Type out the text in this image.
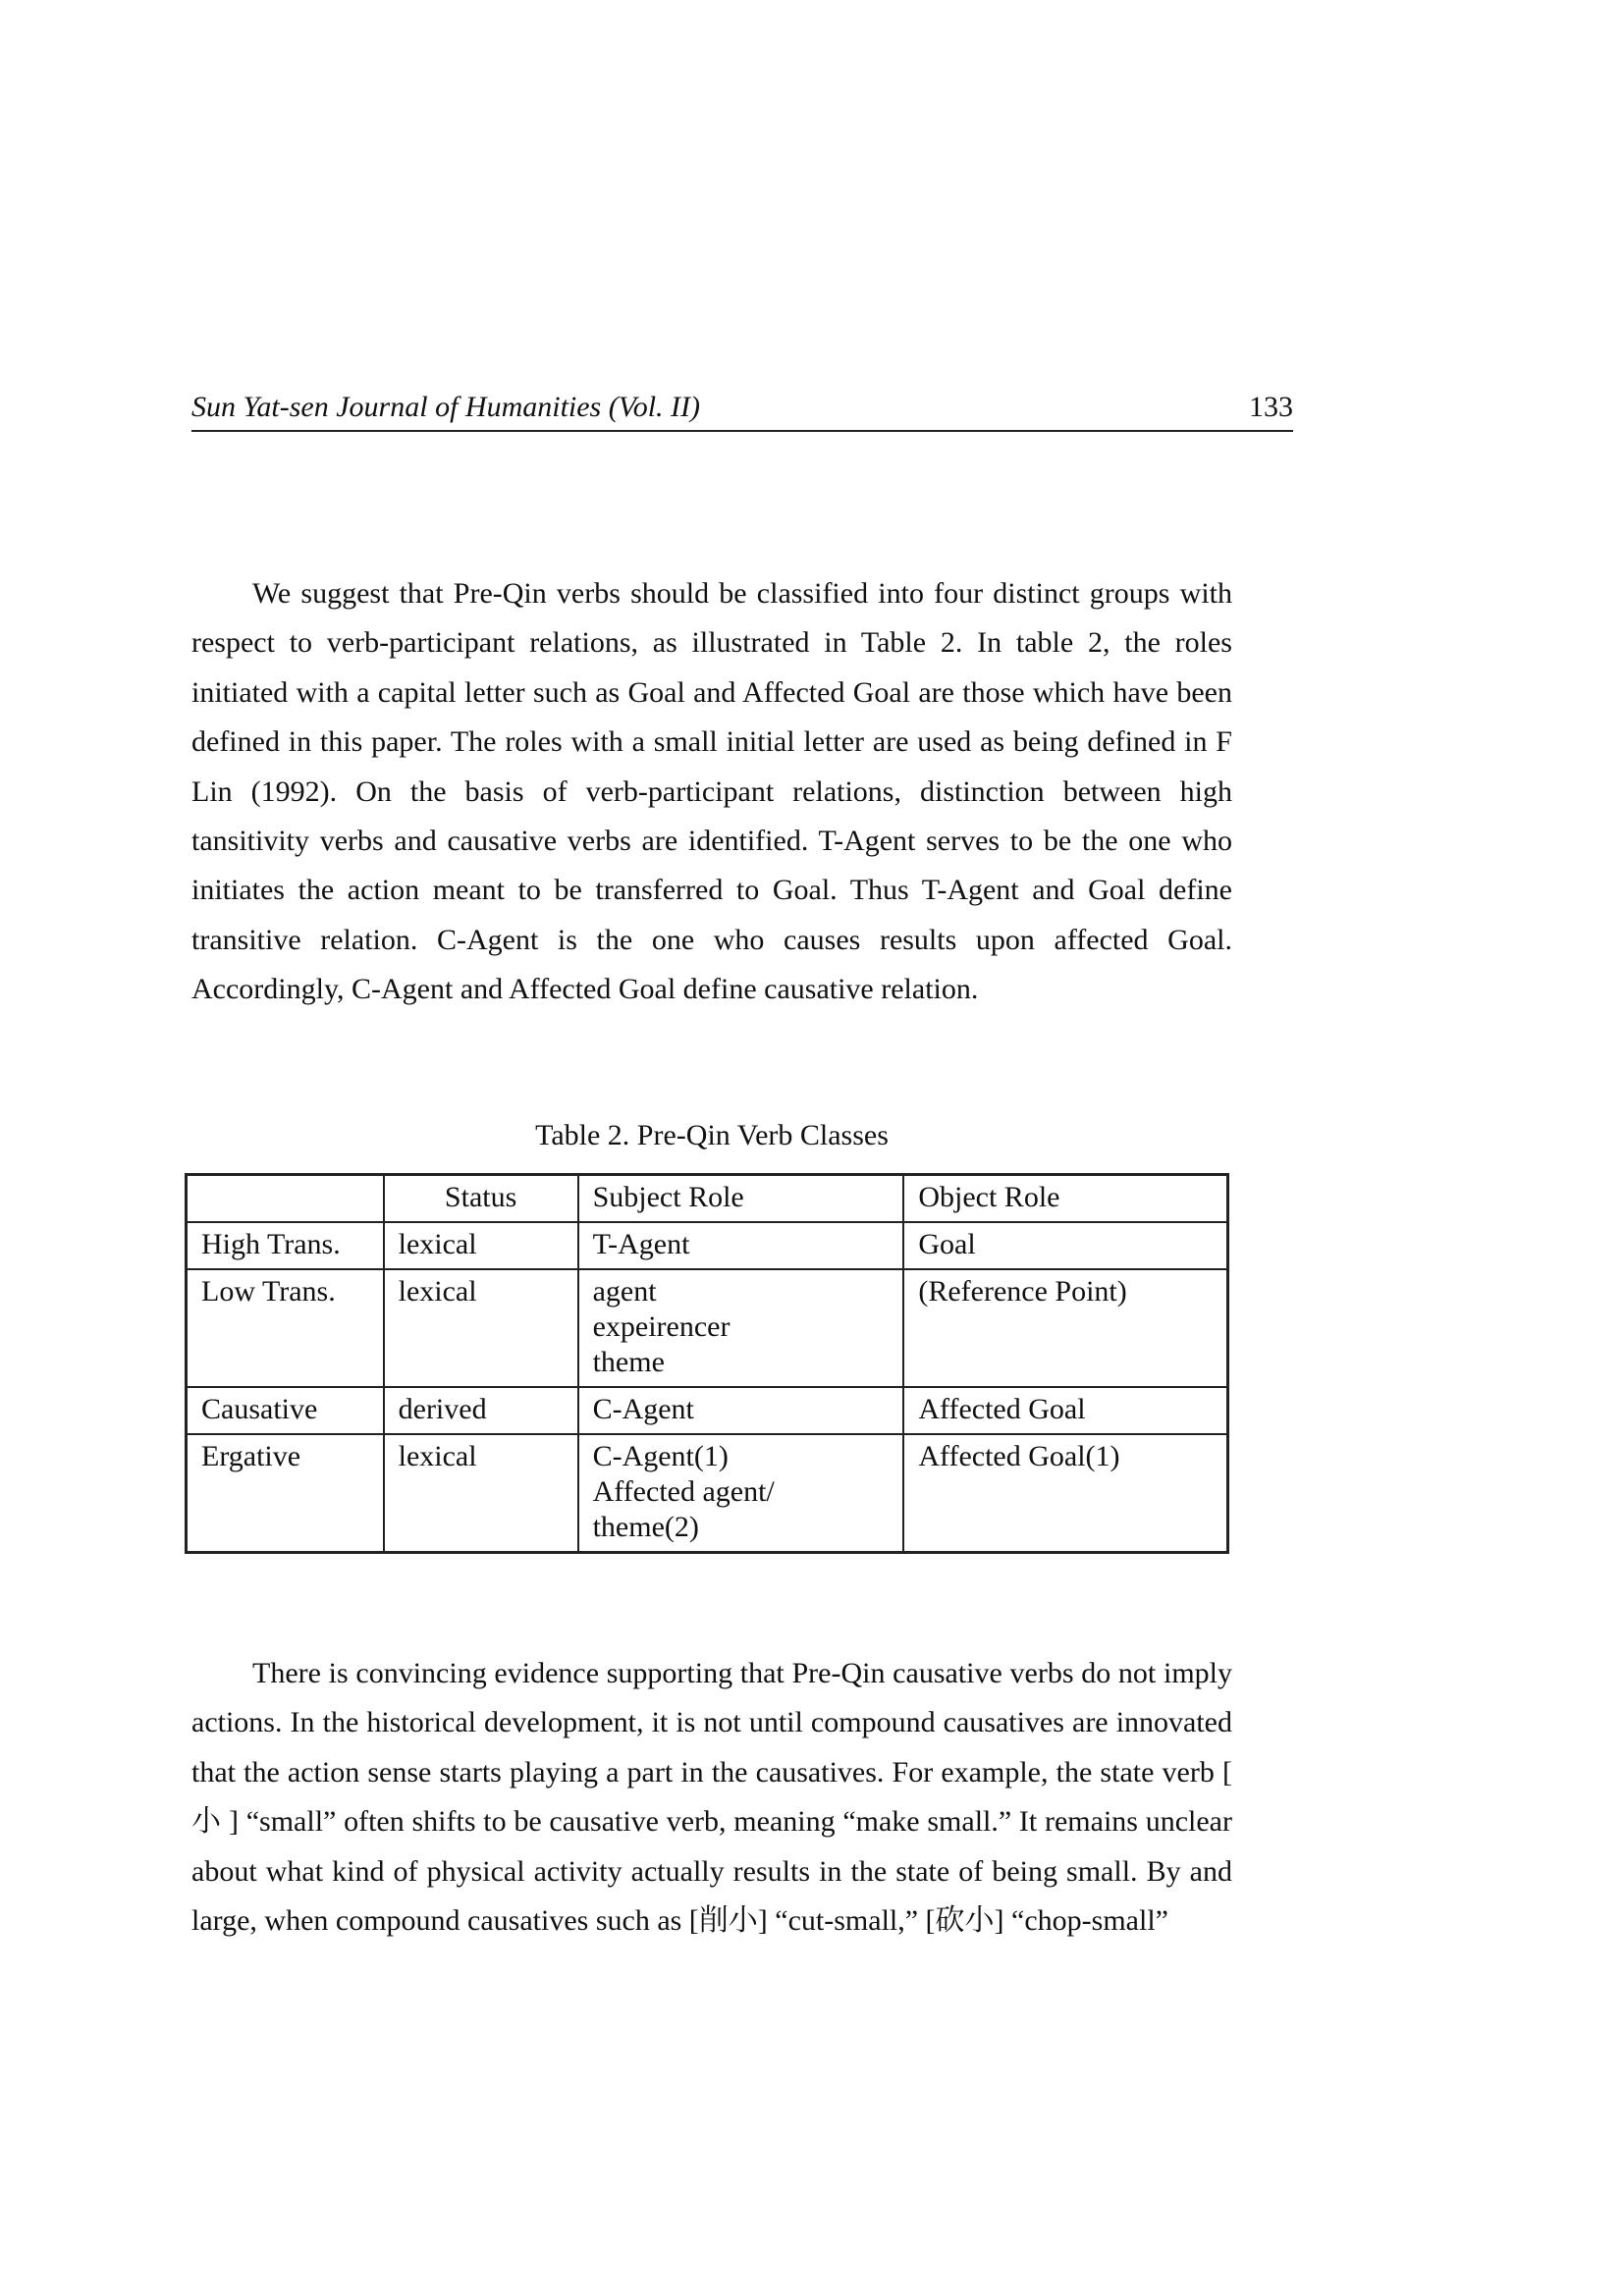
Sun Yat-sen Journal of Humanities (Vol. II)	133

We suggest that Pre-Qin verbs should be classified into four distinct groups with respect to verb-participant relations, as illustrated in Table 2. In table 2, the roles initiated with a capital letter such as Goal and Affected Goal are those which have been defined in this paper. The roles with a small initial letter are used as being defined in F Lin (1992). On the basis of verb-participant relations, distinction between high tansitivity verbs and causative verbs are identified. T-Agent serves to be the one who initiates the action meant to be transferred to Goal. Thus T-Agent and Goal define transitive relation. C-Agent is the one who causes results upon affected Goal. Accordingly, C-Agent and Affected Goal define causative relation.

Table 2. Pre-Qin Verb Classes
	Status	Subject Role	Object Role
High Trans.	lexical	T-Agent	Goal
Low Trans.	lexical	agent
expeirencer
theme	(Reference Point)
Causative	derived	C-Agent	Affected Goal
Ergative	lexical	C-Agent(1)
Affected agent/
theme(2)	Affected Goal(1)

There is convincing evidence supporting that Pre-Qin causative verbs do not imply actions. In the historical development, it is not until compound causatives are innovated that the action sense starts playing a part in the causatives. For example, the state verb [ 小 ] “small” often shifts to be causative verb, meaning “make small.” It remains unclear about what kind of physical activity actually results in the state of being small. By and large, when compound causatives such as [削小] “cut-small,” [砍小] “chop-small”
